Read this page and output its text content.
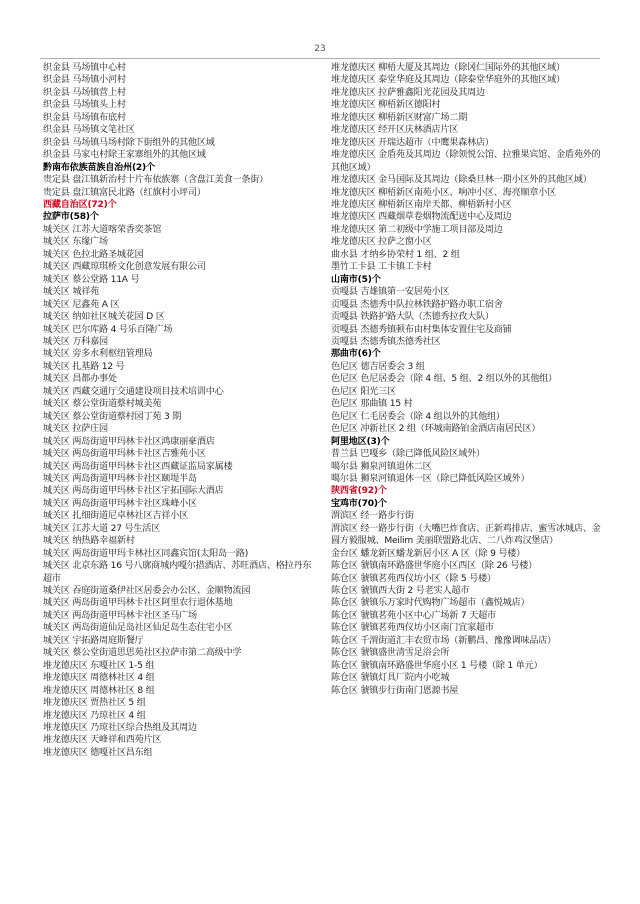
23
织金县 马场镇中心村
织金县 马场镇小河村
织金县 马场镇营上村
织金县 马场镇头上村
织金县 马场镇布底村
织金县 马场镇文笔社区
织金县 马场镇马场村除下街组外的其他区域
织金县 马家屯村除王家寨组外的其他区域
黔南布依族苗族自治州(2)个
贵定县 盘江镇新治村十片布依族寨（含盘江美食一条街）
贵定县 盘江镇富民北路（红旗村小坪司）
西藏自治区(72)个
拉萨市(58)个
城关区 江苏大道喀荣香奕茶馆
城关区 东缘广场
城关区 色拉北路圣城花园
城关区 西藏琼琪桥文化创意发展有限公司
城关区 蔡公堂路 11A 号
城关区 城祥苑
城关区 尼鑫苑 A 区
城关区 纳如社区城关花园 D 区
城关区 巴尔库路 4 号乐百隆广场
城关区 万科嘉园
城关区 旁多水利枢纽管理局
城关区 扎基路 12 号
城关区 昌都办事处
城关区 西藏交通厅交通建设项目技术培训中心
城关区 蔡公堂街道蔡村城美苑
城关区 蔡公堂街道蔡村园丁苑 3 期
城关区 拉萨庄园
城关区 两岛街道甲玛林卡社区鸿康丽豪酒店
城关区 两岛街道甲玛林卡社区吉雅苑小区
城关区 两岛街道甲玛林卡社区西藏证监局家属楼
城关区 两岛街道甲玛林卡社区颐堤半岛
城关区 两岛街道甲玛林卡社区宇拓国际大酒店
城关区 两岛街道甲玛林卡社区珠峰小区
城关区 扎细街道尼卓林社区吉祥小区
城关区 江苏大道 27 号生活区
城关区 纳热路幸福新村
城关区 两岛街道甲玛卡林社区同鑫宾馆(太阳岛一路)
城关区 北京东路 16 号八廓商城内嘎尔措酒店、苏旺酒店、格拉丹东超市
城关区 吞庭街道桑伊社区居委会办公区、金顺物流园
城关区 两岛街道甲玛林卡社区阿里农行退休基地
城关区 两岛街道甲玛林卡社区圣马广场
城关区 两岛街道仙足岛社区仙足岛生态住宅小区
城关区 宇拓路周庭斯餐厅
城关区 蔡公堂街道思思苑社区拉萨市第二高级中学
堆龙德庆区 东嘎社区 1-5 组
堆龙德庆区 周德林社区 4 组
堆龙德庆区 周德林社区 8 组
堆龙德庆区 贾热社区 5 组
堆龙德庆区 乃琼社区 4 组
堆龙德庆区 乃琼社区综合热组及其周边
堆龙德庆区 天峰祥和西苑片区
堆龙德庆区 德嘎社区昌东组
堆龙德庆区 柳梧大厦及其周边（除冈仁国际外的其他区域）
堆龙德庆区 泰堂华庭及其周边（除泰堂华庭外的其他区域）
堆龙德庆区 拉萨雅鑫阳光花园及其周边
堆龙德庆区 柳梧新区德阳村
堆龙德庆区 柳梧新区财富广场二期
堆龙德庆区 经开区庆林酒店片区
堆龙德庆区 开瑞达超市（中鹰果森林店）
堆龙德庆区 金盾苑及其周边（除领悦公馆、拉雅果宾馆、金盾苑外的其他区域）
堆龙德庆区 金马国际及其周边（除桑旦林一期小区外的其他区域）
堆龙德庆区 柳梧新区南苑小区、响冲小区、海亮顺章小区
堆龙德庆区 柳梧新区南岸天都、柳梧新村小区
堆龙德庆区 西藏烟草卷烟物流配送中心及周边
堆龙德庆区 第二初级中学施工项目部及周边
堆龙德庆区 拉萨之窗小区
曲水县 才纳乡协荣村 1 组、2 组
墨竹工卡县 工卡镇工卡村
山南市(5)个
贡嘎县 吉雄镇第一安居苑小区
贡嘎县 杰德秀中队拉林铁路护路办职工宿舍
贡嘎县 铁路护路大队（杰德秀拉孜大队）
贡嘎县 杰德秀镇顿布由村集体安置住宅及商铺
贡嘎县 杰德秀镇杰德秀社区
那曲市(6)个
色尼区 德吉居委会 3 组
色尼区 色尼居委会（除 4 组、5 组、2 组以外的其他组）
色尼区 阳光三区
色尼区 那曲镇 15 村
色尼区 仁毛居委会（除 4 组以外的其他组）
色尼区 冲新社区 2 组（环城南路铂金酒店南居民区）
阿里地区(3)个
普兰县 巴嘎乡（除已降低风险区域外）
噶尔县 狮泉河镇退休二区
噶尔县 狮泉河镇退休一区（除已降低风险区域外）
陕西省(92)个
宝鸡市(70)个
渭滨区 经一路步行街
渭滨区 经一路步行街（大嘴巴炸食店、正新鸡排店、蜜雪冰城店、金圆方毅服城、Meilim 美丽联盟路北店、二八炸鸡汉堡店）
金台区 蟠龙新区蟠龙新居小区 A 区（除 9 号楼）
陈仓区 虢镇南环路盛世华庭小区西区（除 26 号楼）
陈仓区 虢镇茗苑西仪坊小区（除 5 号楼）
陈仓区 虢镇西大街 2 号老实人超市
陈仓区 虢镇乐万家时代购物广场超市（鑫悦城店）
陈仓区 虢镇茗苑小区中心广场新 7 天超市
陈仓区 虢镇茗苑西仪坊小区南门宜家超市
陈仓区 千渭街道汇丰农贸市场（新鹏昌、豫豫调味品店）
陈仓区 虢镇盛世清雪足浴会所
陈仓区 虢镇南环路盛世华庭小区 1 号楼（除 1 单元）
陈仓区 虢镇灯具厂院内小吃城
陈仓区 虢镇步行街南门恩源书屋
